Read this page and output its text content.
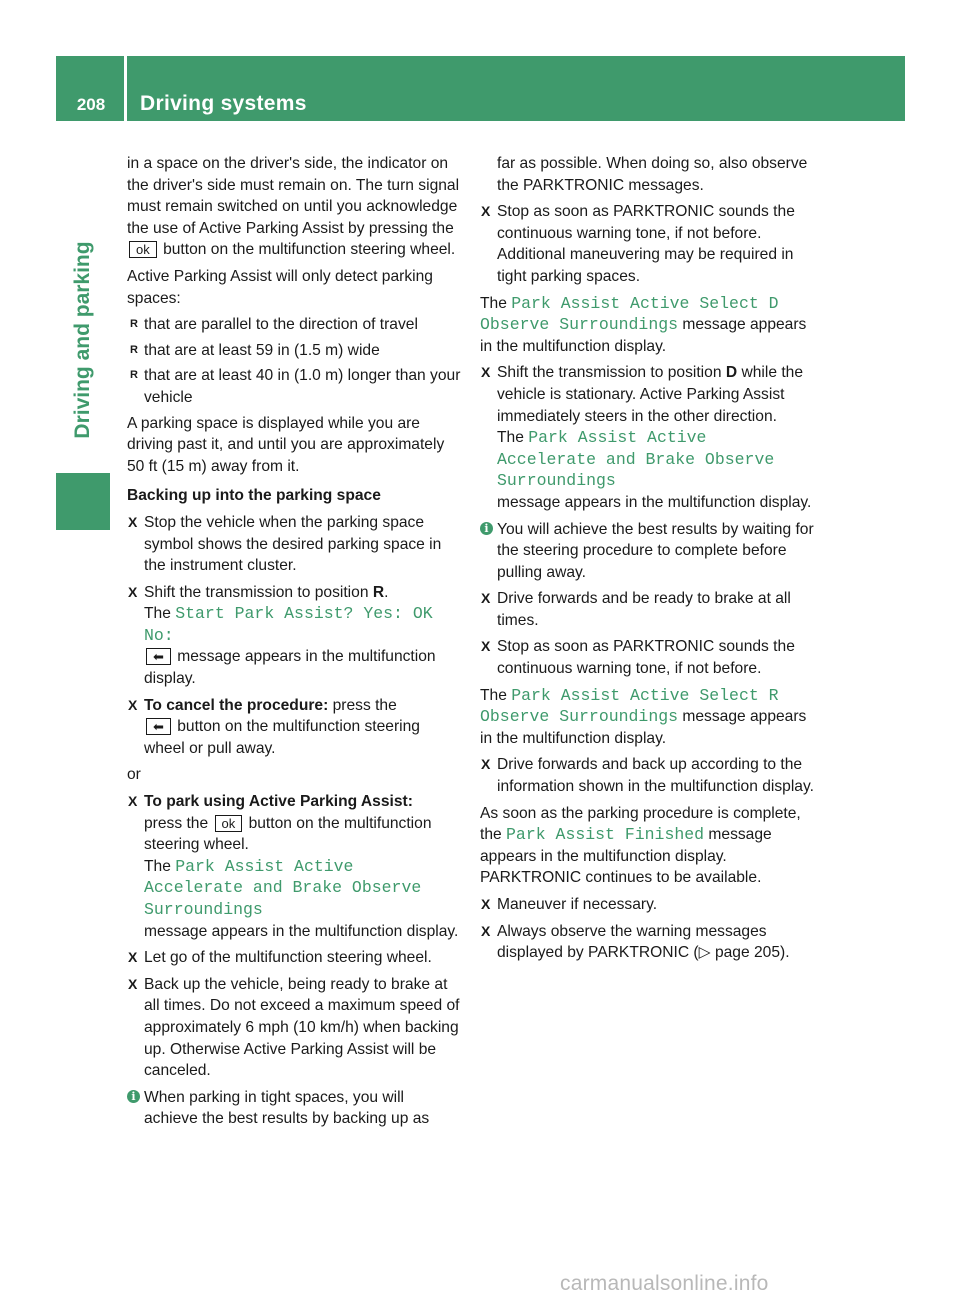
208	Driving systems
Driving and parking

in a space on the driver's side, the indicator on the driver's side must remain on. The turn signal must remain switched on until you acknowledge the use of Active Parking Assist by pressing the ok button on the multifunction steering wheel.

Active Parking Assist will only detect parking spaces:

R that are parallel to the direction of travel
R that are at least 59 in (1.5 m) wide
R that are at least 40 in (1.0 m) longer than your vehicle

A parking space is displayed while you are driving past it, and until you are approximately 50 ft (15 m) away from it.

Backing up into the parking space

X Stop the vehicle when the parking space symbol shows the desired parking space in the instrument cluster.
X Shift the transmission to position R.
The Start Park Assist? Yes: OK No:
⬅ message appears in the multifunction display.
X To cancel the procedure: press the
⬅ button on the multifunction steering wheel or pull away.

or

X To park using Active Parking Assist:
press the ok button on the multifunction steering wheel.
The Park Assist Active Accelerate and Brake Observe Surroundings
message appears in the multifunction display.
X Let go of the multifunction steering wheel.
X Back up the vehicle, being ready to brake at all times. Do not exceed a maximum speed of approximately 6 mph (10 km/h) when backing up. Otherwise Active Parking Assist will be canceled.
i When parking in tight spaces, you will achieve the best results by backing up as

far as possible. When doing so, also observe the PARKTRONIC messages.

X Stop as soon as PARKTRONIC sounds the continuous warning tone, if not before. Additional maneuvering may be required in tight parking spaces.

The Park Assist Active Select D Observe Surroundings message appears in the multifunction display.

X Shift the transmission to position D while the vehicle is stationary. Active Parking Assist immediately steers in the other direction.
The Park Assist Active Accelerate and Brake Observe Surroundings
message appears in the multifunction display.
i You will achieve the best results by waiting for the steering procedure to complete before pulling away.
X Drive forwards and be ready to brake at all times.
X Stop as soon as PARKTRONIC sounds the continuous warning tone, if not before.

The Park Assist Active Select R Observe Surroundings message appears in the multifunction display.

X Drive forwards and back up according to the information shown in the multifunction display.

As soon as the parking procedure is complete, the Park Assist Finished message appears in the multifunction display. PARKTRONIC continues to be available.

X Maneuver if necessary.
X Always observe the warning messages displayed by PARKTRONIC (▷ page 205).
carmanualsonline.info
